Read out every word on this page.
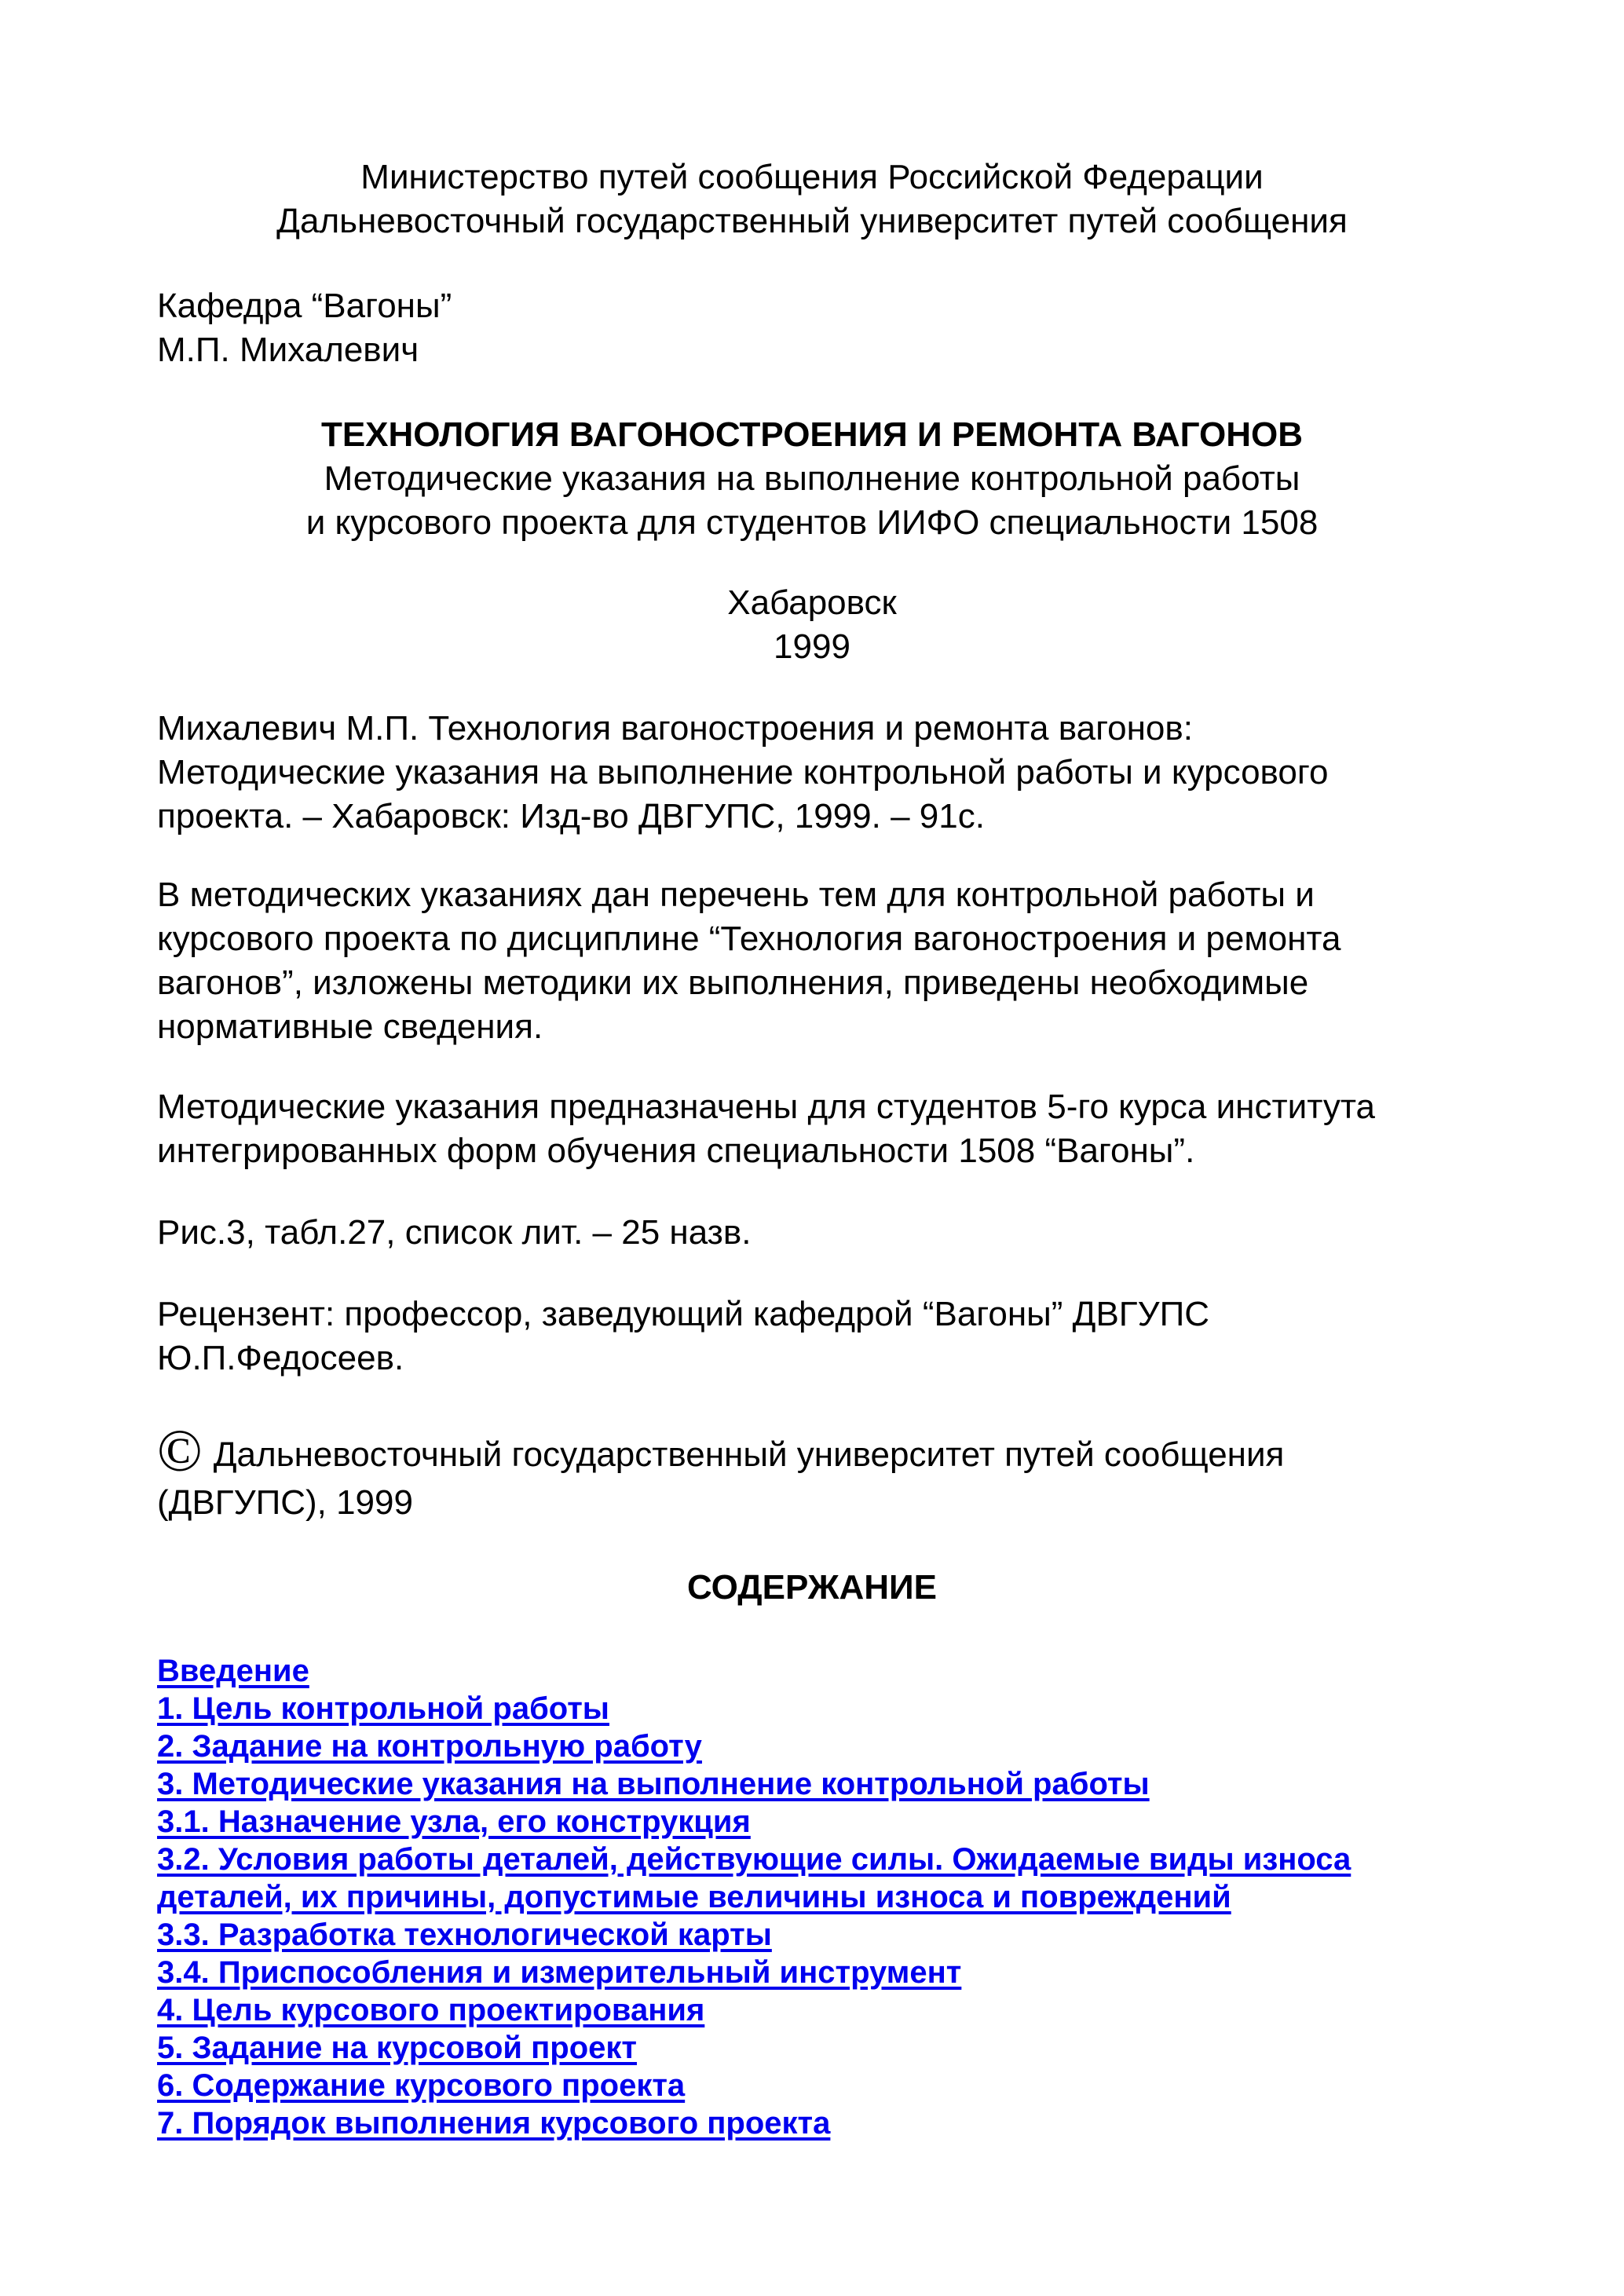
Министерство путей сообщения Российской Федерации
Дальневосточный государственный университет путей сообщения
Кафедра “Вагоны”
М.П. Михалевич
ТЕХНОЛОГИЯ ВАГОНОСТРОЕНИЯ И РЕМОНТА ВАГОНОВ
Методические указания на выполнение контрольной работы
и курсового проекта для студентов ИИФО специальности 1508
Хабаровск
1999
Михалевич М.П. Технология вагоностроения и ремонта вагонов:
Методические указания на выполнение контрольной работы и курсового
проекта. – Хабаровск: Изд-во ДВГУПС, 1999. – 91с.
В методических указаниях дан перечень тем для контрольной работы и
курсового проекта по дисциплине “Технология вагоностроения и ремонта
вагонов”, изложены методики их выполнения, приведены необходимые
нормативные сведения.
Методические указания предназначены для студентов 5-го курса института
интегрированных форм обучения специальности 1508 “Вагоны”.
Рис.3, табл.27, список лит. – 25 назв.
Рецензент: профессор, заведующий кафедрой “Вагоны” ДВГУПС
Ю.П.Федосеев.
© Дальневосточный государственный университет путей сообщения
(ДВГУПС), 1999
СОДЕРЖАНИЕ
Введение
1. Цель контрольной работы
2. Задание на контрольную работу
3. Методические указания на выполнение контрольной работы
3.1. Назначение узла, его конструкция
3.2. Условия работы деталей, действующие силы. Ожидаемые виды износа
деталей, их причины, допустимые величины износа и повреждений
3.3. Разработка технологической карты
3.4. Приспособления и измерительный инструмент
4. Цель курсового проектирования
5. Задание на курсовой проект
6. Содержание курсового проекта
7. Порядок выполнения курсового проекта
